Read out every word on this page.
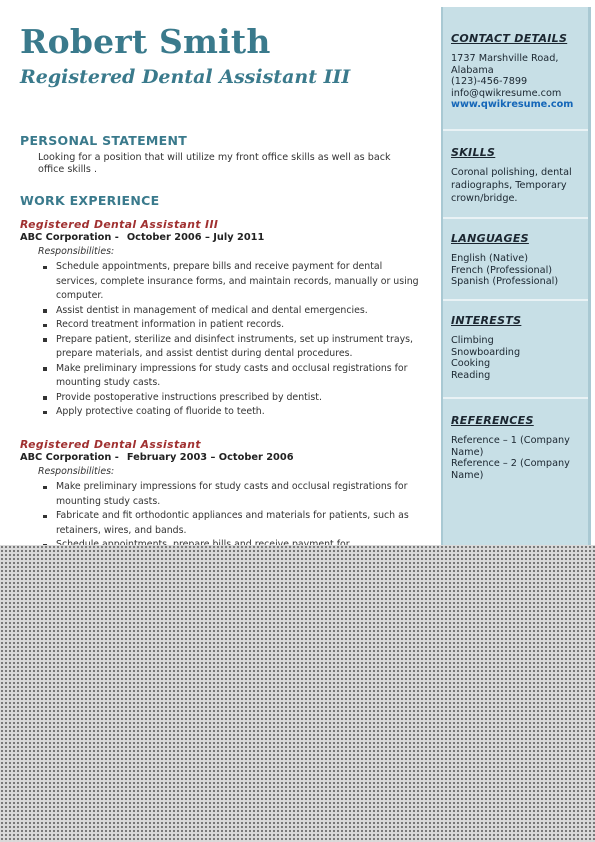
Robert Smith
Registered Dental Assistant III
PERSONAL STATEMENT

Looking for a position that will utilize my front office skills as well as back office skills .

WORK EXPERIENCE
Registered Dental Assistant III
ABC Corporation - October 2006 – July 2011
Responsibilities:
Schedule appointments, prepare bills and receive payment for dental services, complete insurance forms, and maintain records, manually or using computer.
Assist dentist in management of medical and dental emergencies.
Record treatment information in patient records.
Prepare patient, sterilize and disinfect instruments, set up instrument trays, prepare materials, and assist dentist during dental procedures.
Make preliminary impressions for study casts and occlusal registrations for mounting study casts.
Provide postoperative instructions prescribed by dentist.
Apply protective coating of fluoride to teeth.
Registered Dental Assistant
ABC Corporation - February 2003 – October 2006
Responsibilities:
Make preliminary impressions for study casts and occlusal registrations for mounting study casts.
Fabricate and fit orthodontic appliances and materials for patients, such as retainers, wires, and bands.
CONTACT DETAILS
1737 Marshville Road, Alabama
(123)-456-7899
info@qwikresume.com
www.qwikresume.com
SKILLS
Coronal polishing, dental radiographs, Temporary crown/bridge.
LANGUAGES
English (Native)
French (Professional)
Spanish (Professional)
INTERESTS
Climbing
Snowboarding
Cooking
Reading
REFERENCES
Reference – 1 (Company Name)
Reference – 2 (Company Name)
